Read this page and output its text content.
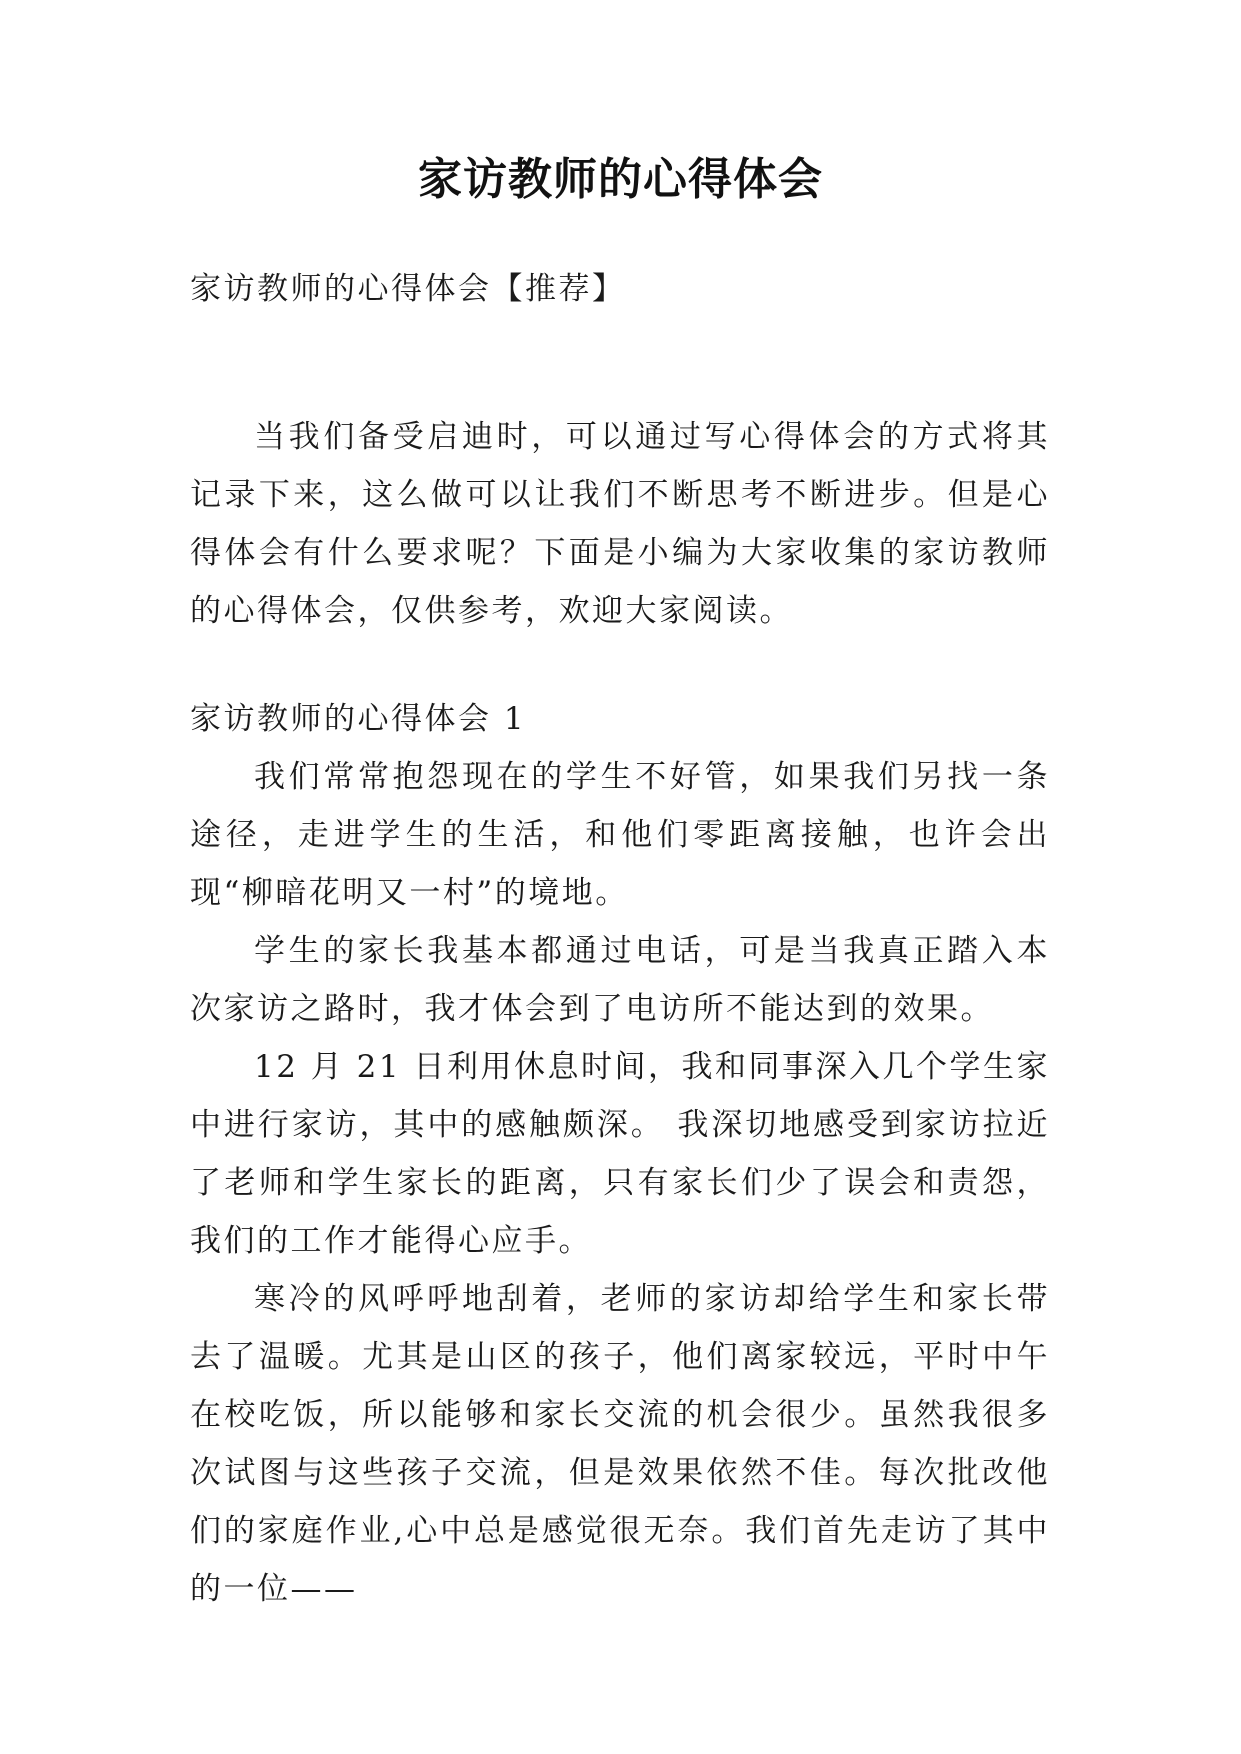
家访教师的心得体会

家访教师的心得体会【推荐】

当我们备受启迪时，可以通过写心得体会的方式将其记录下来，这么做可以让我们不断思考不断进步。但是心得体会有什么要求呢？下面是小编为大家收集的家访教师的心得体会，仅供参考，欢迎大家阅读。

家访教师的心得体会 1

我们常常抱怨现在的学生不好管，如果我们另找一条途径，走进学生的生活，和他们零距离接触，也许会出现“柳暗花明又一村”的境地。

学生的家长我基本都通过电话，可是当我真正踏入本次家访之路时，我才体会到了电访所不能达到的效果。

12 月 21 日利用休息时间，我和同事深入几个学生家中进行家访，其中的感触颇深。 我深切地感受到家访拉近了老师和学生家长的距离，只有家长们少了误会和责怨，我们的工作才能得心应手。

寒冷的风呼呼地刮着，老师的家访却给学生和家长带去了温暖。尤其是山区的孩子，他们离家较远，平时中午在校吃饭，所以能够和家长交流的机会很少。虽然我很多次试图与这些孩子交流，但是效果依然不佳。每次批改他们的家庭作业,心中总是感觉很无奈。我们首先走访了其中的一位——
